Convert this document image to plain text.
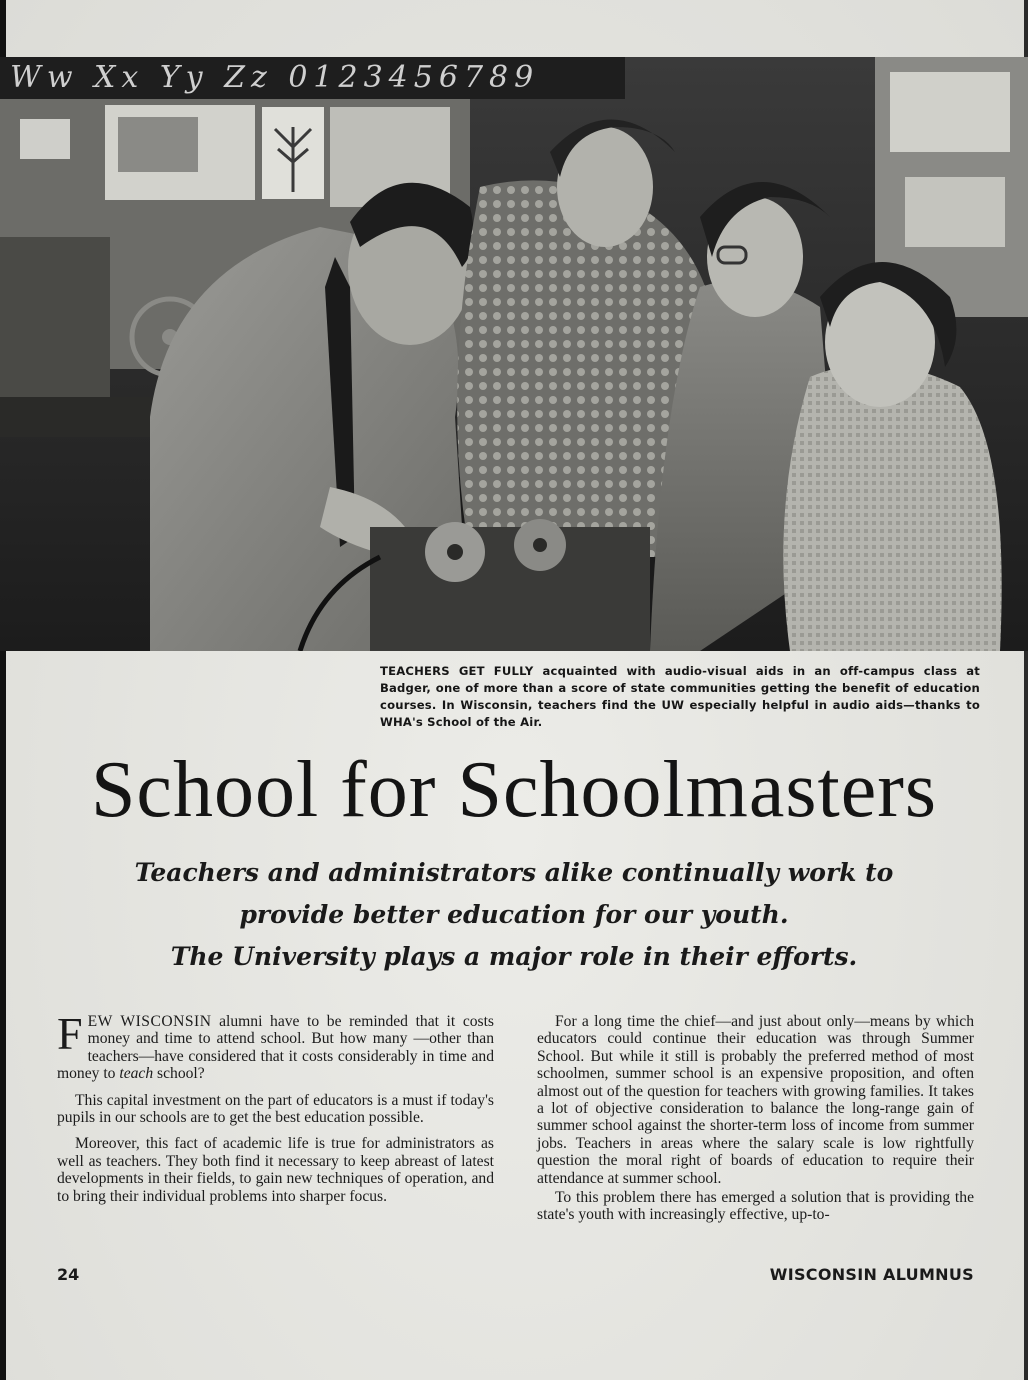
Ww Xx Yy Zz 0123456789
TEACHERS GET FULLY acquainted with audio-visual aids in an off-campus class at Badger, one of more than a score of state communities getting the benefit of education courses. In Wisconsin, teachers find the UW especially helpful in audio aids—thanks to WHA's School of the Air.
School for Schoolmasters
Teachers and administrators alike continually work to
provide better education for our youth.
The University plays a major role in their efforts.

FEW WISCONSIN alumni have to be reminded that it costs money and time to attend school. But how many —other than teachers—have considered that it costs considerably in time and money to teach school?

This capital investment on the part of educators is a must if today's pupils in our schools are to get the best education possible.

Moreover, this fact of academic life is true for administrators as well as teachers. They both find it necessary to keep abreast of latest developments in their fields, to gain new techniques of operation, and to bring their individual problems into sharper focus.

For a long time the chief—and just about only—means by which educators could continue their education was through Summer School. But while it still is probably the preferred method of most schoolmen, summer school is an expensive proposition, and often almost out of the question for teachers with growing families. It takes a lot of objective consideration to balance the long-range gain of summer school against the shorter-term loss of income from summer jobs. Teachers in areas where the salary scale is low rightfully question the moral right of boards of education to require their attendance at summer school.

To this problem there has emerged a solution that is providing the state's youth with increasingly effective, up-to-

24	WISCONSIN ALUMNUS
